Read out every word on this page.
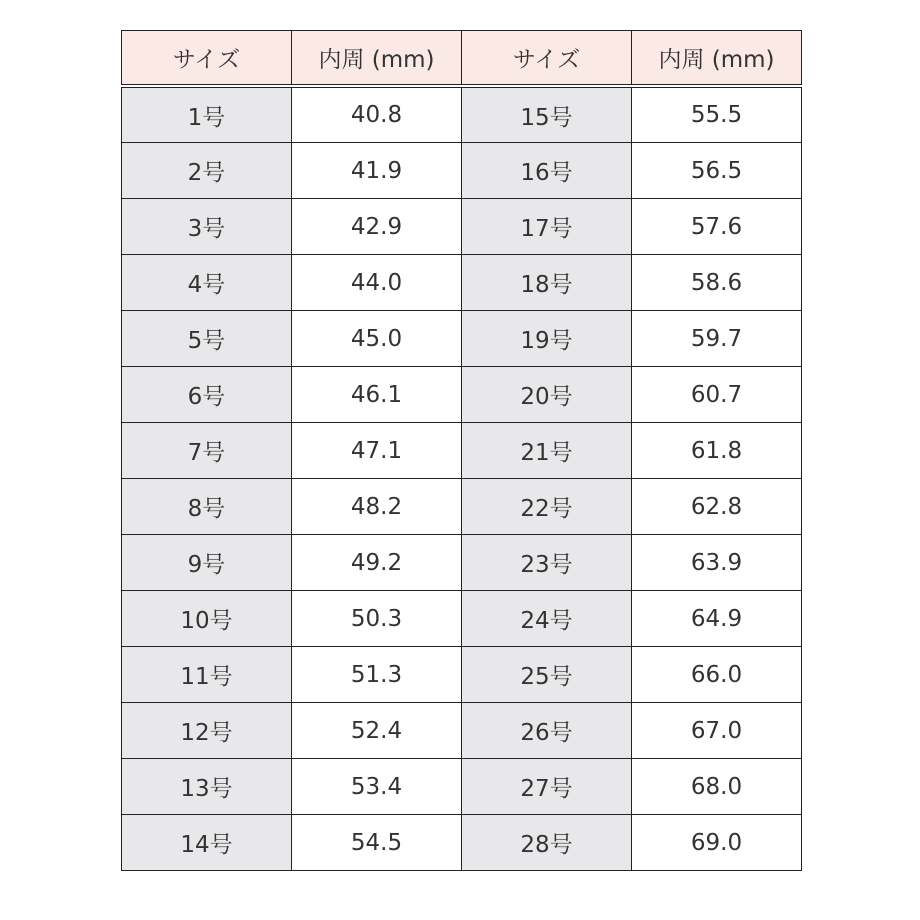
サイズ	内周 (mm)	サイズ	内周 (mm)
1号	40.8	15号	55.5
2号	41.9	16号	56.5
3号	42.9	17号	57.6
4号	44.0	18号	58.6
5号	45.0	19号	59.7
6号	46.1	20号	60.7
7号	47.1	21号	61.8
8号	48.2	22号	62.8
9号	49.2	23号	63.9
10号	50.3	24号	64.9
11号	51.3	25号	66.0
12号	52.4	26号	67.0
13号	53.4	27号	68.0
14号	54.5	28号	69.0
